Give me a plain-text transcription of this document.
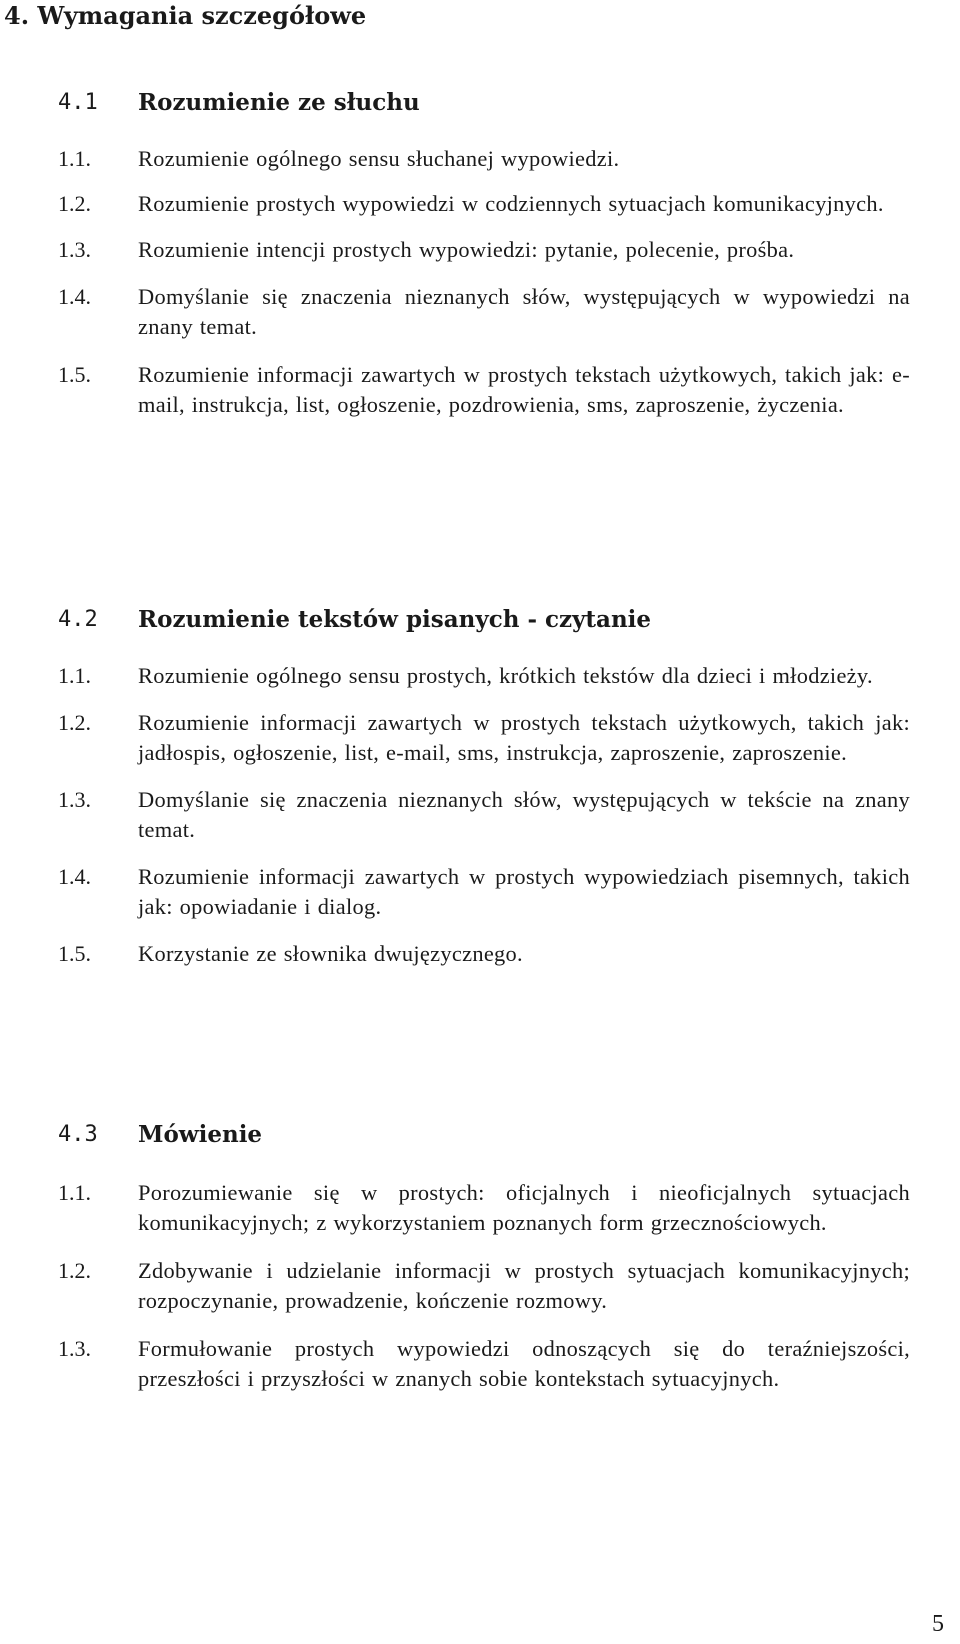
4. Wymagania szczegółowe
4.1 Rozumienie ze słuchu
1.1. Rozumienie ogólnego sensu słuchanej wypowiedzi.
1.2. Rozumienie prostych wypowiedzi w codziennych sytuacjach komunikacyjnych.
1.3. Rozumienie intencji prostych wypowiedzi: pytanie, polecenie, prośba.
1.4. Domyślanie się znaczenia nieznanych słów, występujących w wypowiedzi na znany temat.
1.5. Rozumienie informacji zawartych w prostych tekstach użytkowych, takich jak: e-mail, instrukcja, list, ogłoszenie, pozdrowienia, sms, zaproszenie, życzenia.
4.2 Rozumienie tekstów pisanych - czytanie
1.1. Rozumienie ogólnego sensu prostych, krótkich tekstów dla dzieci i młodzieży.
1.2. Rozumienie informacji zawartych w prostych tekstach użytkowych, takich jak: jadłospis, ogłoszenie, list, e-mail, sms, instrukcja, zaproszenie, zaproszenie.
1.3. Domyślanie się znaczenia nieznanych słów, występujących w tekście na znany temat.
1.4. Rozumienie informacji zawartych w prostych wypowiedziach pisemnych, takich jak: opowiadanie i dialog.
1.5. Korzystanie ze słownika dwujęzycznego.
4.3 Mówienie
1.1. Porozumiewanie się w prostych: oficjalnych i nieoficjalnych sytuacjach komunikacyjnych; z wykorzystaniem poznanych form grzecznościowych.
1.2. Zdobywanie i udzielanie informacji w prostych sytuacjach komunikacyjnych; rozpoczynanie, prowadzenie, kończenie rozmowy.
1.3. Formułowanie prostych wypowiedzi odnoszących się do teraźniejszości, przeszłości i przyszłości w znanych sobie kontekstach sytuacyjnych.
5
